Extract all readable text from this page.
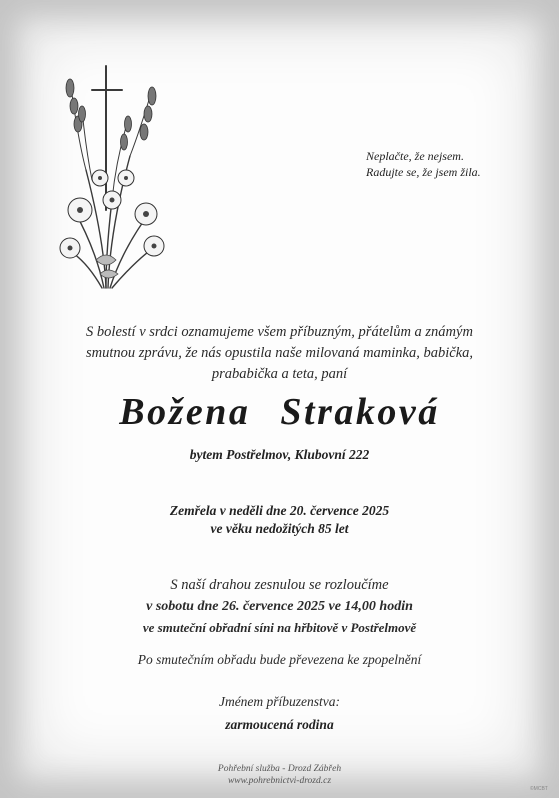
Neplačte, že nejsem.
Radujte se, že jsem žila.
S bolestí v srdci oznamujeme všem příbuzným, přátelům a známým
smutnou zprávu, že nás opustila naše milovaná maminka, babička,
prababička a teta, paní
Božena Straková
bytem Postřelmov, Klubovní 222
Zemřela v neděli dne 20. července 2025
ve věku nedožitých 85 let
S naší drahou zesnulou se rozloučíme
v sobotu dne 26. července 2025 ve 14,00 hodin
ve smuteční obřadní síni na hřbitově v Postřelmově
Po smutečním obřadu bude převezena ke zpopelnění
Jménem příbuzenstva:
zarmoucená rodina
Pohřební služba - Drozd Zábřeh
www.pohrebnictvi-drozd.cz
©MCBT
